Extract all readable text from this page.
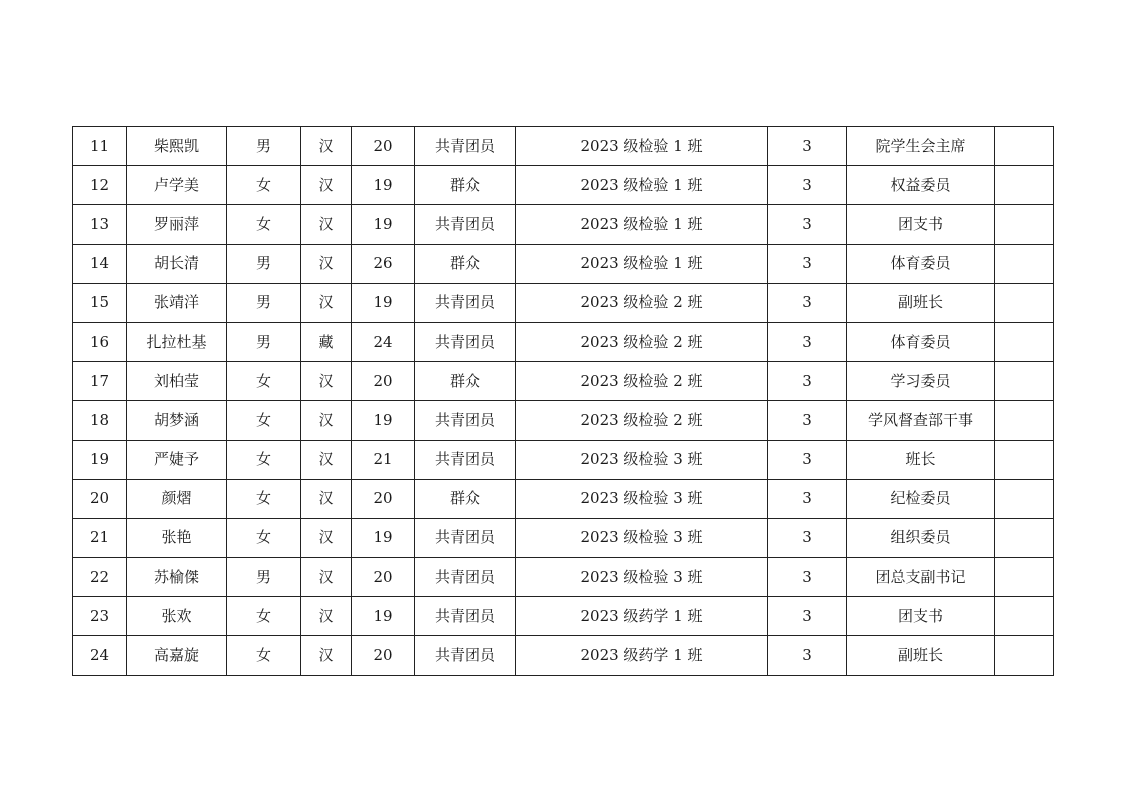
11	柴熙凯	男	汉	20	共青团员	2023 级检验 1 班	3	院学生会主席	
12	卢学美	女	汉	19	群众	2023 级检验 1 班	3	权益委员	
13	罗丽萍	女	汉	19	共青团员	2023 级检验 1 班	3	团支书	
14	胡长清	男	汉	26	群众	2023 级检验 1 班	3	体育委员	
15	张靖洋	男	汉	19	共青团员	2023 级检验 2 班	3	副班长	
16	扎拉杜基	男	藏	24	共青团员	2023 级检验 2 班	3	体育委员	
17	刘柏莹	女	汉	20	群众	2023 级检验 2 班	3	学习委员	
18	胡梦涵	女	汉	19	共青团员	2023 级检验 2 班	3	学风督查部干事	
19	严婕予	女	汉	21	共青团员	2023 级检验 3 班	3	班长	
20	颜熠	女	汉	20	群众	2023 级检验 3 班	3	纪检委员	
21	张艳	女	汉	19	共青团员	2023 级检验 3 班	3	组织委员	
22	苏榆傑	男	汉	20	共青团员	2023 级检验 3 班	3	团总支副书记	
23	张欢	女	汉	19	共青团员	2023 级药学 1 班	3	团支书	
24	高嘉旋	女	汉	20	共青团员	2023 级药学 1 班	3	副班长	
